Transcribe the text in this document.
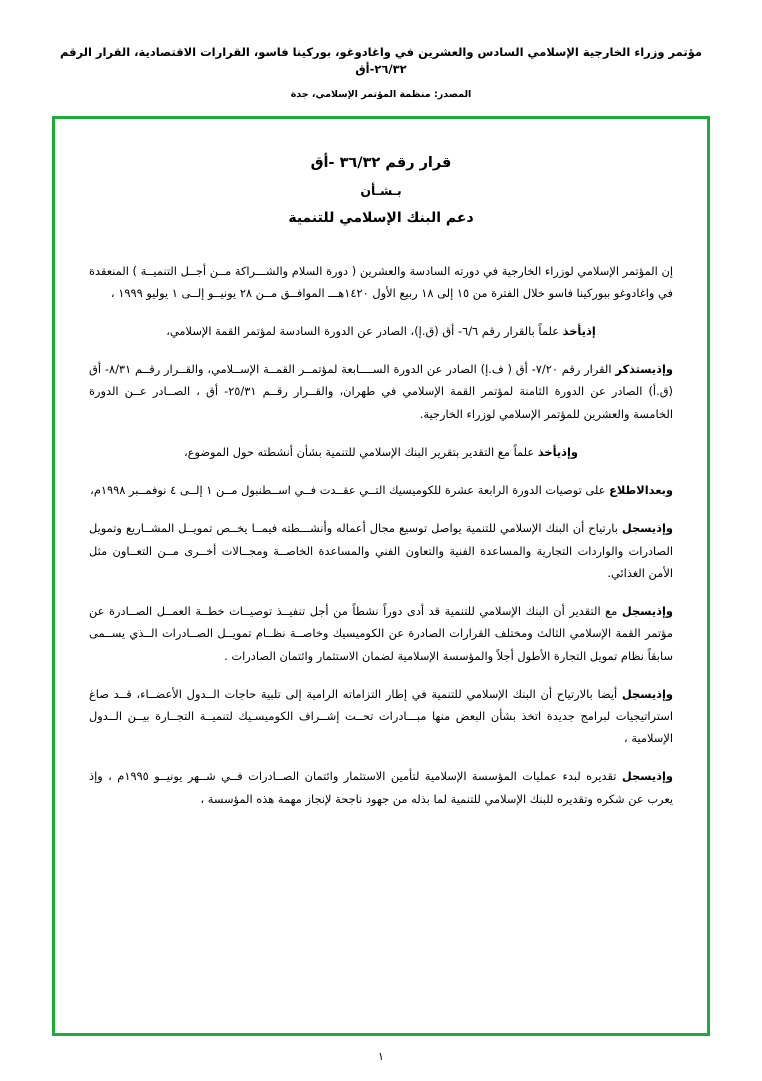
مؤتمر وزراء الخارجية الإسلامي السادس والعشرين في واغادوغو، بوركينا فاسو، القرارات الاقتصادية، القرار الرقم ٢٦/٣٢-أق
المصدر: منظمة المؤتمر الإسلامي، جدة
قرار رقم ٣٦/٣٢ -أق
بـشـأن
دعم البنك الإسلامي للتنمية

إن المؤتمر الإسلامي لوزراء الخارجية في دورته السادسة والعشرين ( دورة السلام والشـــراكة مــن أجــل التنميــة ) المنعقدة في واغادوغو ببوركينا فاسو خلال الفترة من ١٥ إلى ١٨ ربيع الأول ١٤٢٠هـــ الموافــق مــن ٢٨ يونيــو إلــى ١ يوليو ١٩٩٩ ،

إذيأخذ علماً بالقرار رقم ٦/٦- أق (ق.إ)، الصادر عن الدورة السادسة لمؤتمر القمة الإسلامي،

وإذيستذكر القرار رقم ٧/٢٠- أق ( ف.إ) الصادر عن الدورة الســــابعة لمؤتمــر القمــة الإســلامي، والقــرار رقــم ٨/٣١- أق (ق.أ) الصادر عن الدورة الثامنة لمؤتمر القمة الإسلامي في طهران، والقــرار رقــم ٢٥/٣١- أق ، الصــادر عــن الدورة الخامسة والعشرين للمؤتمر الإسلامي لوزراء الخارجية.

وإذيأخذ علماً مع التقدير بتقرير البنك الإسلامي للتنمية بشأن أنشطته حول الموضوع،

وبعدالاطلاع على توصيات الدورة الرابعة عشرة للكوميسيك التــي عقــدت فــي اســطنبول مــن ١ إلــى ٤ نوفمــبر ١٩٩٨م،

وإذيسجل بارتياح أن البنك الإسلامي للتنمية يواصل توسيع مجال أعماله وأنشـــطته فيمــا يخــص تمويــل المشــاريع وتمويل الصادرات والواردات التجارية والمساعدة الفنية والتعاون الفني والمساعدة الخاصــة ومجــالات أخــرى مــن التعــاون مثل الأمن الغذائي.

وإذيسجل مع التقدير أن البنك الإسلامي للتنمية قد أدى دوراً نشطاً من أجل تنفيــذ توصيــات خطــة العمــل الصــادرة عن مؤتمر القمة الإسلامي الثالث ومختلف القرارات الصادرة عن الكوميسيك وخاصــة نظــام تمويــل الصــادرات الــذي يســمى سابقاً نظام تمويل التجارة الأطول أجلاً والمؤسسة الإسلامية لضمان الاستثمار وائتمان الصادرات .

وإذيسجل أيضا بالارتياح أن البنك الإسلامي للتنمية في إطار التزاماته الرامية إلى تلبية حاجات الــدول الأعضــاء، قــد صاغ استراتيجيات لبرامج جديدة اتخذ بشأن البعض منها مبـــادرات تحــت إشــراف الكوميسـيك لتنميــة التجــارة بيــن الــدول الإسلامية ،

وإذيسجل تقديره لبدء عمليات المؤسسة الإسلامية لتأمين الاستثمار وائتمان الصــادرات فــي شــهر يونيــو ١٩٩٥م ، وإذ يعرب عن شكره وتقديره للبنك الإسلامي للتنمية لما بذله من جهود ناجحة لإنجاز مهمة هذه المؤسسة ،

١
